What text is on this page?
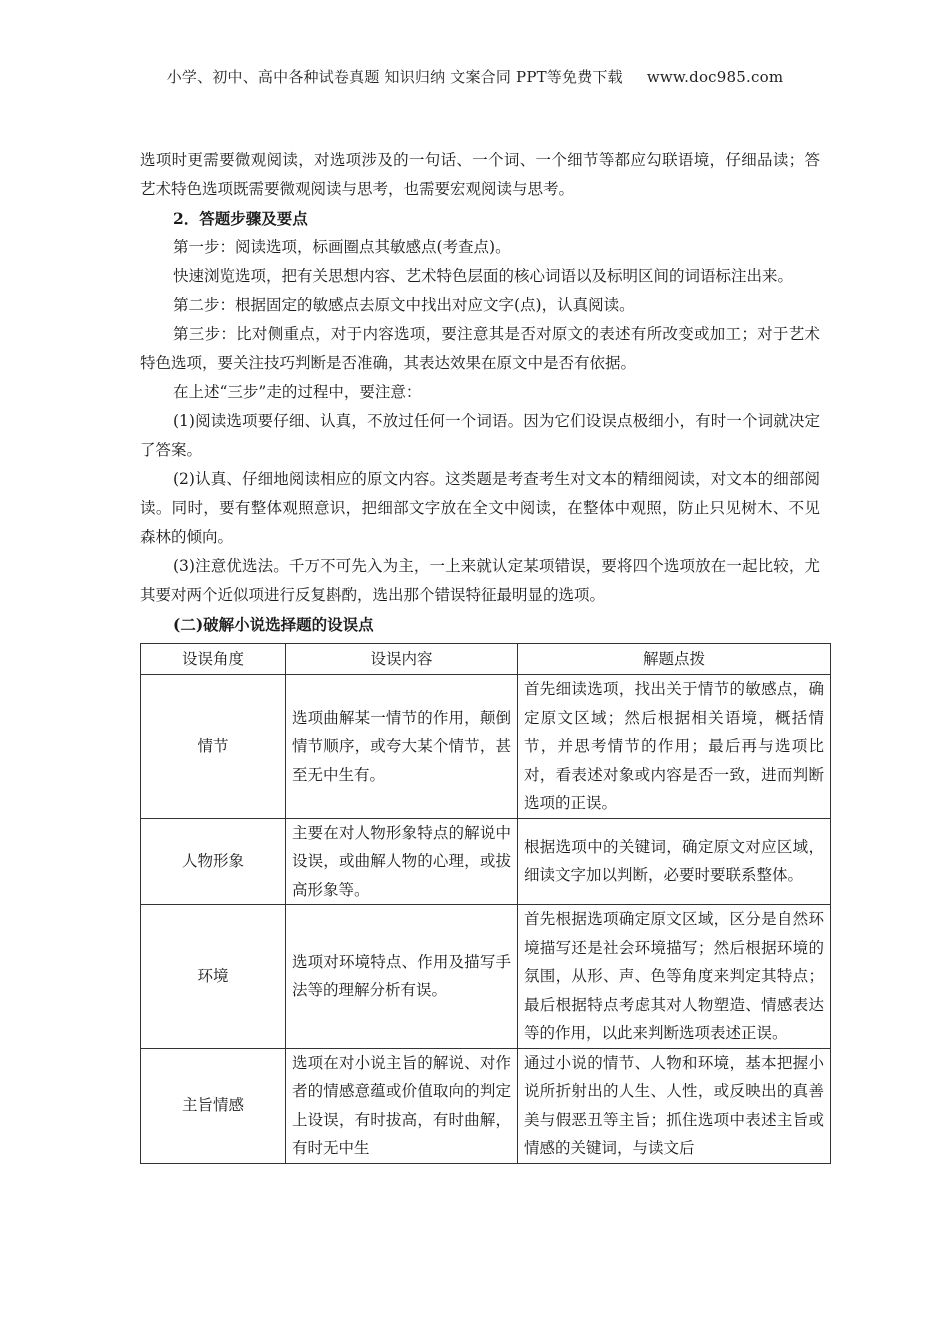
小学、初中、高中各种试卷真题 知识归纳 文案合同 PPT等免费下载 www.doc985.com

选项时更需要微观阅读，对选项涉及的一句话、一个词、一个细节等都应勾联语境，仔细品读；答艺术特色选项既需要微观阅读与思考，也需要宏观阅读与思考。

2．答题步骤及要点

第一步：阅读选项，标画圈点其敏感点(考查点)。

快速浏览选项，把有关思想内容、艺术特色层面的核心词语以及标明区间的词语标注出来。

第二步：根据固定的敏感点去原文中找出对应文字(点)，认真阅读。

第三步：比对侧重点，对于内容选项，要注意其是否对原文的表述有所改变或加工；对于艺术特色选项，要关注技巧判断是否准确，其表达效果在原文中是否有依据。

在上述“三步”走的过程中，要注意：

(1)阅读选项要仔细、认真，不放过任何一个词语。因为它们设误点极细小，有时一个词就决定了答案。

(2)认真、仔细地阅读相应的原文内容。这类题是考查考生对文本的精细阅读，对文本的细部阅读。同时，要有整体观照意识，把细部文字放在全文中阅读，在整体中观照，防止只见树木、不见森林的倾向。

(3)注意优选法。千万不可先入为主，一上来就认定某项错误，要将四个选项放在一起比较，尤其要对两个近似项进行反复斟酌，选出那个错误特征最明显的选项。

(二)破解小说选择题的设误点

设误角度	设误内容	解题点拨
情节	选项曲解某一情节的作用，颠倒情节顺序，或夸大某个情节，甚至无中生有。	首先细读选项，找出关于情节的敏感点，确定原文区域；然后根据相关语境，概括情节，并思考情节的作用；最后再与选项比对，看表述对象或内容是否一致，进而判断选项的正误。
人物形象	主要在对人物形象特点的解说中设误，或曲解人物的心理，或拔高形象等。	根据选项中的关键词，确定原文对应区域，细读文字加以判断，必要时要联系整体。
环境	选项对环境特点、作用及描写手法等的理解分析有误。	首先根据选项确定原文区域，区分是自然环境描写还是社会环境描写；然后根据环境的氛围，从形、声、色等角度来判定其特点；最后根据特点考虑其对人物塑造、情感表达等的作用，以此来判断选项表述正误。
主旨情感	选项在对小说主旨的解说、对作者的情感意蕴或价值取向的判定上设误，有时拔高，有时曲解，有时无中生	通过小说的情节、人物和环境，基本把握小说所折射出的人生、人性，或反映出的真善美与假恶丑等主旨；抓住选项中表述主旨或情感的关键词，与读文后
